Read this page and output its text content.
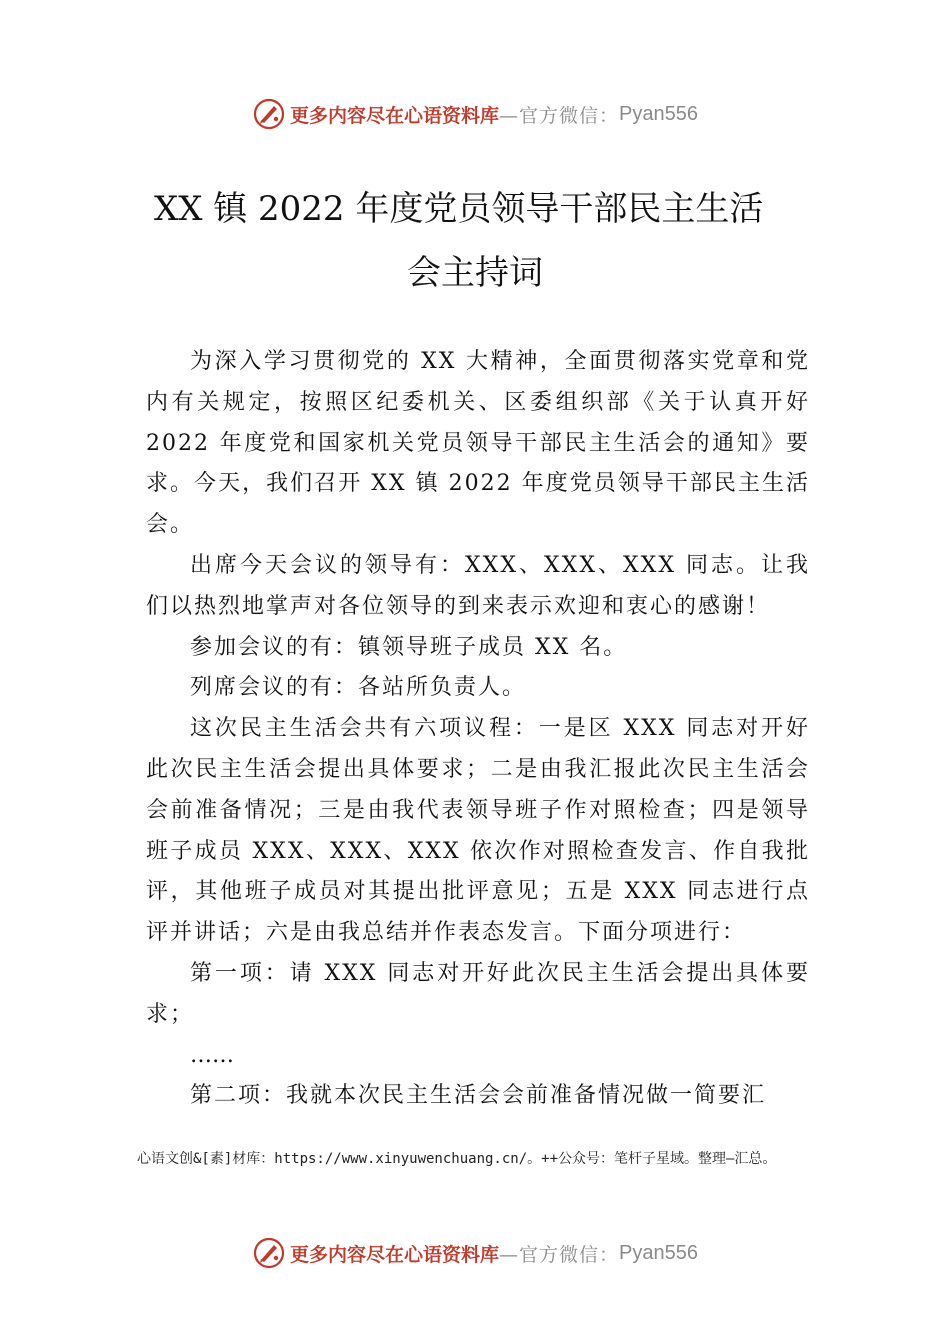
更多内容尽在心语资料库 —官方微信： Pyan556
XX 镇 2022 年度党员领导干部民主生活
会主持词

为深入学习贯彻党的 XX 大精神，全面贯彻落实党章和党内有关规定，按照区纪委机关、区委组织部《关于认真开好 2022 年度党和国家机关党员领导干部民主生活会的通知》要求。今天，我们召开 XX 镇 2022 年度党员领导干部民主生活会。

出席今天会议的领导有：XXX、XXX、XXX 同志。让我们以热烈地掌声对各位领导的到来表示欢迎和衷心的感谢！

参加会议的有：镇领导班子成员 XX 名。

列席会议的有：各站所负责人。

这次民主生活会共有六项议程：一是区 XXX 同志对开好此次民主生活会提出具体要求；二是由我汇报此次民主生活会会前准备情况；三是由我代表领导班子作对照检查；四是领导班子成员 XXX、XXX、XXX 依次作对照检查发言、作自我批评，其他班子成员对其提出批评意见；五是 XXX 同志进行点评并讲话；六是由我总结并作表态发言。下面分项进行：

第一项：请 XXX 同志对开好此次民主生活会提出具体要求；

……

第二项：我就本次民主生活会会前准备情况做一简要汇

心语文创&[素]材库：https://www.xinyuwenchuang.cn/。++公众号：笔杆子星域。整理—汇总。
更多内容尽在心语资料库 —官方微信： Pyan556
